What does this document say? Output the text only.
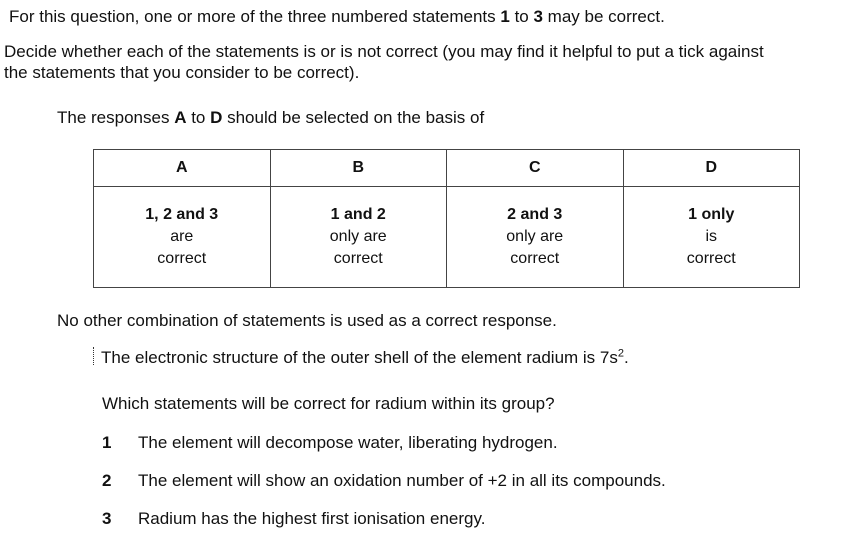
For this question, one or more of the three numbered statements 1 to 3 may be correct.
Decide whether each of the statements is or is not correct (you may find it helpful to put a tick against
the statements that you consider to be correct).
The responses A to D should be selected on the basis of
A	B	C	D

1, 2 and 3
are
correct	1 and 2
only are
correct	2 and 3
only are
correct	1 only
is
correct
No other combination of statements is used as a correct response.
The electronic structure of the outer shell of the element radium is $7s^2$.
Which statements will be correct for radium within its group?
1	The element will decompose water, liberating hydrogen.
2	The element will show an oxidation number of +2 in all its compounds.
3	Radium has the highest first ionisation energy.
